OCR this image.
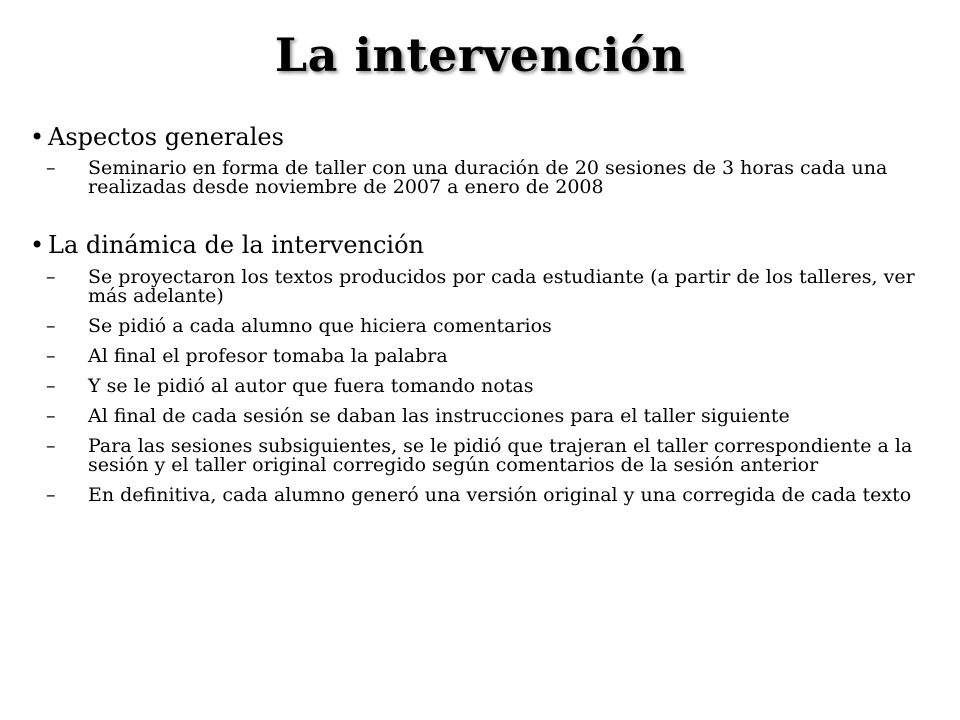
La intervención

• Aspectos generales

– Seminario en forma de taller con una duración de 20 sesiones de 3 horas cada una realizadas desde noviembre de 2007 a enero de 2008

• La dinámica de la intervención

– Se proyectaron los textos producidos por cada estudiante (a partir de los talleres, ver más adelante)

– Se pidió a cada alumno que hiciera comentarios

– Al final el profesor tomaba la palabra

– Y se le pidió al autor que fuera tomando notas

– Al final de cada sesión se daban las instrucciones para el taller siguiente

– Para las sesiones subsiguientes, se le pidió que trajeran el taller correspondiente a la sesión y el taller original corregido según comentarios de la sesión anterior

– En definitiva, cada alumno generó una versión original y una corregida de cada texto
